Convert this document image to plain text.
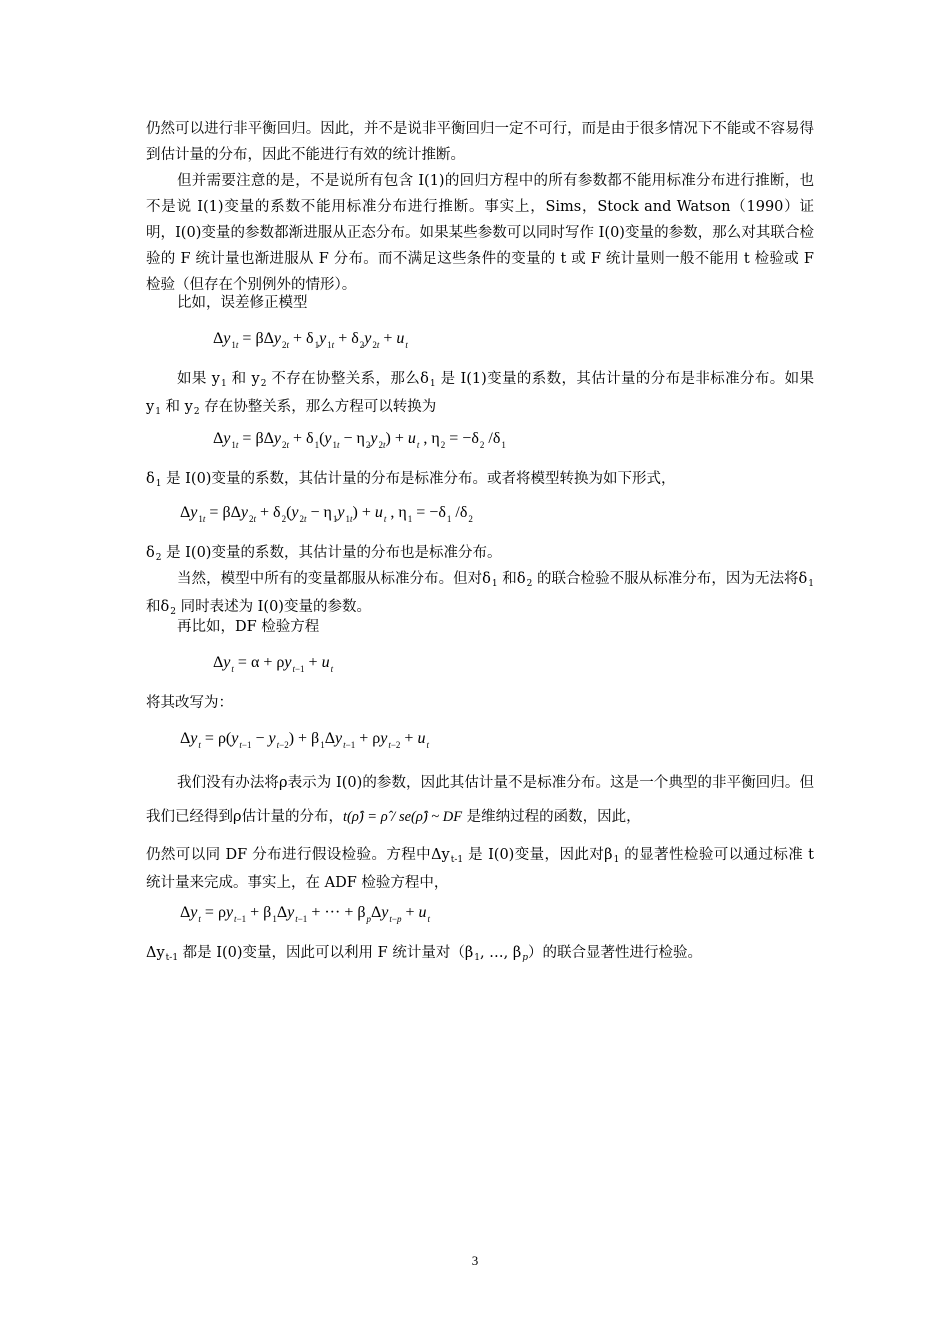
仍然可以进行非平衡回归。因此，并不是说非平衡回归一定不可行，而是由于很多情况下不能或不容易得到估计量的分布，因此不能进行有效的统计推断。

但并需要注意的是，不是说所有包含 I(1)的回归方程中的所有参数都不能用标准分布进行推断，也不是说 I(1)变量的系数不能用标准分布进行推断。事实上，Sims，Stock and Watson（1990）证明，I(0)变量的参数都渐进服从正态分布。如果某些参数可以同时写作 I(0)变量的参数，那么对其联合检验的 F 统计量也渐进服从 F 分布。而不满足这些条件的变量的 t 或 F 统计量则一般不能用 t 检验或 F 检验（但存在个别例外的情形）。

比如，误差修正模型

$\Delta y_{1t} = \beta\Delta y_{2t} + \delta_1y_{1t} + \delta_2y_{2t} + u_t$

如果 $y_1$ 和 $y_2$ 不存在协整关系，那么$\delta_1$ 是 I(1)变量的系数，其估计量的分布是非标准分布。如果 $y_1$ 和 $y_2$ 存在协整关系，那么方程可以转换为

$\Delta y_{1t} = \beta\Delta y_{2t} + \delta_1(y_{1t} - \eta_2y_{2t}) + u_t$ , $\eta_2 = -\delta_2$ $/\delta_1$

$\delta_1$ 是 I(0)变量的系数，其估计量的分布是标准分布。或者将模型转换为如下形式，

$\Delta y_{1t} = \beta\Delta y_{2t} + \delta_2(y_{2t} - \eta_1y_{1t}) + u_t$ , $\eta_1 = -\delta_1$ $/\delta_2$

$\delta_2$ 是 I(0)变量的系数，其估计量的分布也是标准分布。

当然，模型中所有的变量都服从标准分布。但对$\delta_1$ 和$\delta_2$ 的联合检验不服从标准分布，因为无法将$\delta_1$ 和$\delta_2$ 同时表述为 I(0)变量的参数。

再比如，DF 检验方程

$\Delta y_t = \alpha + \rho y_{t-1} + u_t$

将其改写为：

$\Delta y_t = \rho(y_{t-1} - y_{t-2}) + \beta_1\Delta y_{t-1} + \rho y_{t-2} + u_t$

我们没有办法将ρ表示为 I(0)的参数，因此其估计量不是标准分布。这是一个典型的非平衡回归。但我们已经得到ρ估计量的分布，t(ρ̂) = ρ̂ / se(ρ̂) ~ DF 是维纳过程的函数，因此，

仍然可以同 DF 分布进行假设检验。方程中$\Delta y_{t-1}$ 是 I(0)变量，因此对$\beta_1$ 的显著性检验可以通过标准 t 统计量来完成。事实上，在 ADF 检验方程中，

$\Delta y_t = \rho y_{t-1} + \beta_1\Delta y_{t-1}$ + ··· + $\beta_p\Delta y_{t-p} + u_t$

$\Delta y_{t-1}$ 都是 I(0)变量，因此可以利用 F 统计量对（$\beta_1$, …, $\beta_p$）的联合显著性进行检验。

3
